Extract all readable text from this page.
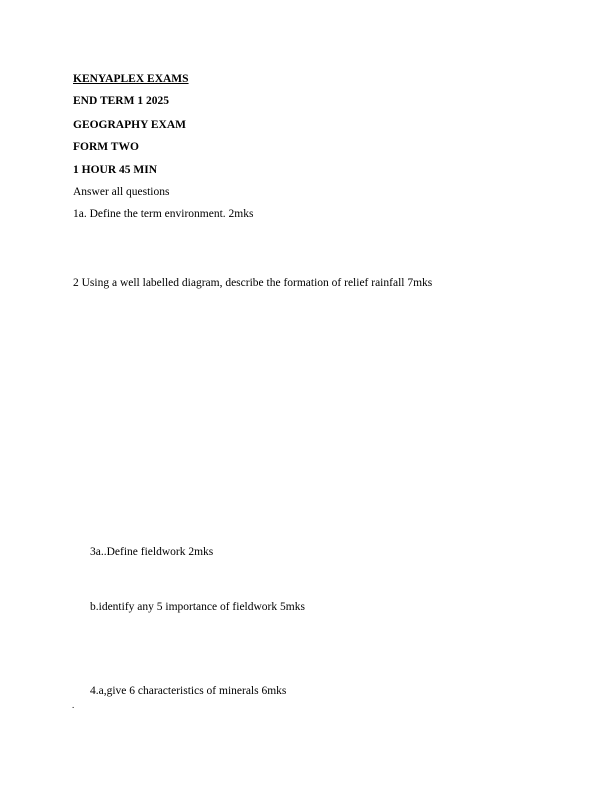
KENYAPLEX EXAMS
END TERM 1 2025
GEOGRAPHY EXAM
FORM TWO
1 HOUR 45 MIN
Answer all questions
1a. Define the term environment. 2mks
2 Using a well labelled diagram, describe the formation of relief rainfall 7mks
3a..Define fieldwork 2mks
b.identify any 5 importance of fieldwork 5mks
4.a,give 6 characteristics of minerals 6mks
.
